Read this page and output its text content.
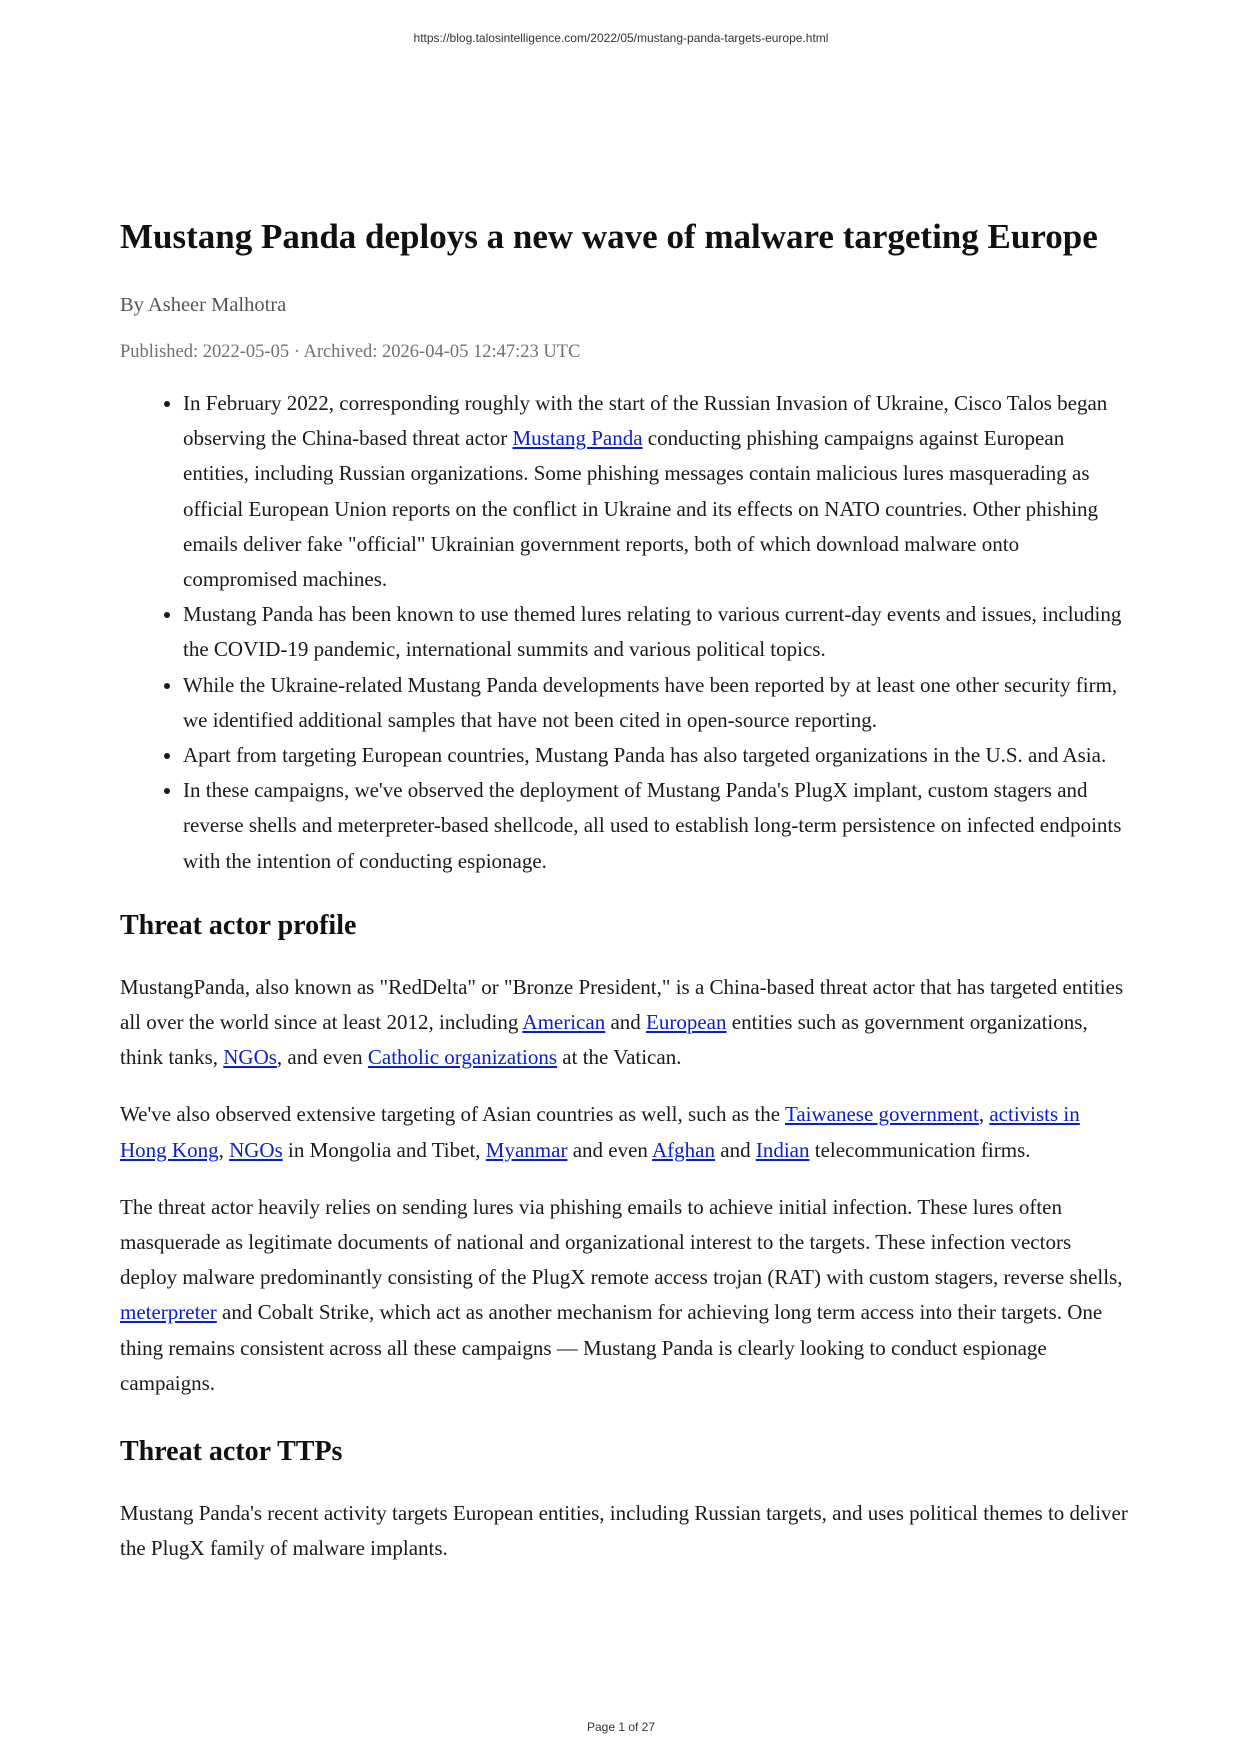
https://blog.talosintelligence.com/2022/05/mustang-panda-targets-europe.html
Mustang Panda deploys a new wave of malware targeting Europe
By Asheer Malhotra
Published: 2022-05-05 · Archived: 2026-04-05 12:47:23 UTC
• In February 2022, corresponding roughly with the start of the Russian Invasion of Ukraine, Cisco Talos began observing the China-based threat actor Mustang Panda conducting phishing campaigns against European entities, including Russian organizations. Some phishing messages contain malicious lures masquerading as official European Union reports on the conflict in Ukraine and its effects on NATO countries. Other phishing emails deliver fake "official" Ukrainian government reports, both of which download malware onto compromised machines.
• Mustang Panda has been known to use themed lures relating to various current-day events and issues, including the COVID-19 pandemic, international summits and various political topics.
• While the Ukraine-related Mustang Panda developments have been reported by at least one other security firm, we identified additional samples that have not been cited in open-source reporting.
• Apart from targeting European countries, Mustang Panda has also targeted organizations in the U.S. and Asia.
• In these campaigns, we've observed the deployment of Mustang Panda's PlugX implant, custom stagers and reverse shells and meterpreter-based shellcode, all used to establish long-term persistence on infected endpoints with the intention of conducting espionage.
Threat actor profile

MustangPanda, also known as "RedDelta" or "Bronze President," is a China-based threat actor that has targeted entities all over the world since at least 2012, including American and European entities such as government organizations, think tanks, NGOs, and even Catholic organizations at the Vatican.

We've also observed extensive targeting of Asian countries as well, such as the Taiwanese government, activists in Hong Kong, NGOs in Mongolia and Tibet, Myanmar and even Afghan and Indian telecommunication firms.

The threat actor heavily relies on sending lures via phishing emails to achieve initial infection. These lures often masquerade as legitimate documents of national and organizational interest to the targets. These infection vectors deploy malware predominantly consisting of the PlugX remote access trojan (RAT) with custom stagers, reverse shells, meterpreter and Cobalt Strike, which act as another mechanism for achieving long term access into their targets. One thing remains consistent across all these campaigns — Mustang Panda is clearly looking to conduct espionage campaigns.

Threat actor TTPs

Mustang Panda's recent activity targets European entities, including Russian targets, and uses political themes to deliver the PlugX family of malware implants.

Page 1 of 27
